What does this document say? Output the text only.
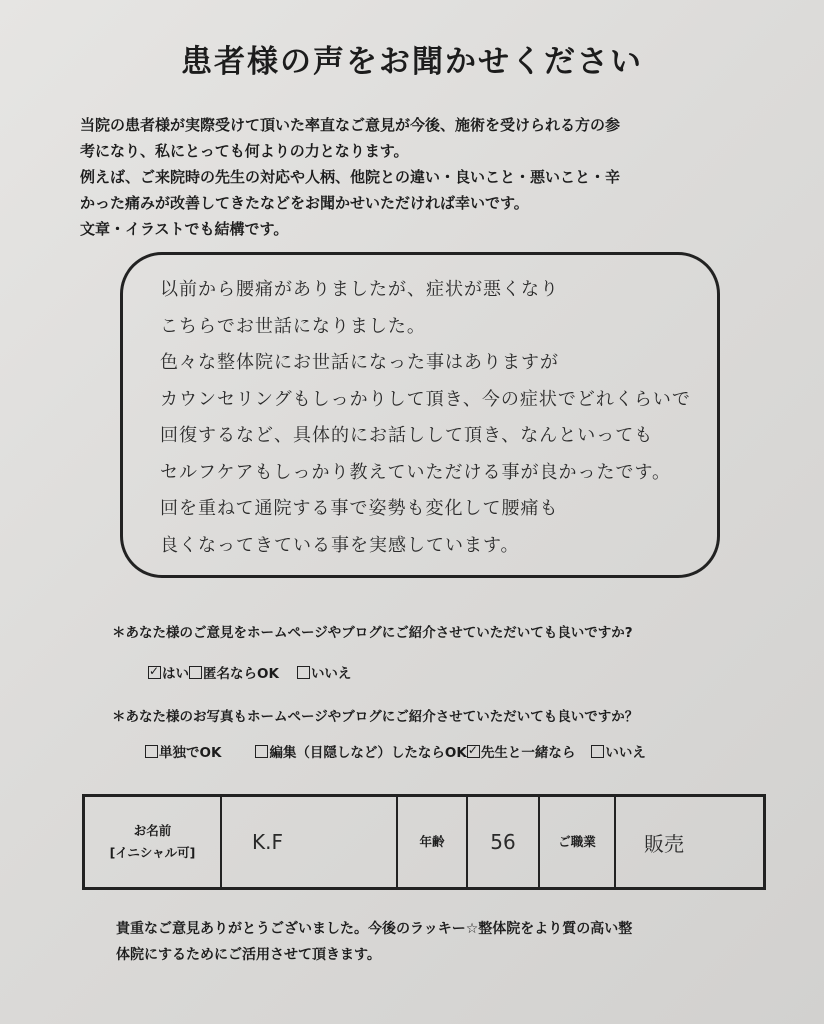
患者様の声をお聞かせください
当院の患者様が実際受けて頂いた率直なご意見が今後、施術を受けられる方の参
考になり、私にとっても何よりの力となります。
例えば、ご来院時の先生の対応や人柄、他院との違い・良いこと・悪いこと・辛
かった痛みが改善してきたなどをお聞かせいただければ幸いです。
文章・イラストでも結構です。
以前から腰痛がありましたが、症状が悪くなり
こちらでお世話になりました。
色々な整体院にお世話になった事はありますが
カウンセリングもしっかりして頂き、今の症状でどれくらいで
回復するなど、具体的にお話しして頂き、なんといっても
セルフケアもしっかり教えていただける事が良かったです。
回を重ねて通院する事で姿勢も変化して腰痛も
良くなってきている事を実感しています。
＊あなた様のご意見をホームページやブログにご紹介させていただいても良いですか?
✓はい 匿名ならOK いいえ
＊あなた様のお写真もホームページやブログにご紹介させていただいても良いですか？
単独でOK	編集（目隠しなど）したならOK✓ 先生と一緒なら いいえ
お名前
[イニシャル可]	K.F	年齢 56	ご職業 販売
貴重なご意見ありがとうございました。今後のラッキー☆整体院をより質の高い整
体院にするためにご活用させて頂きます。
